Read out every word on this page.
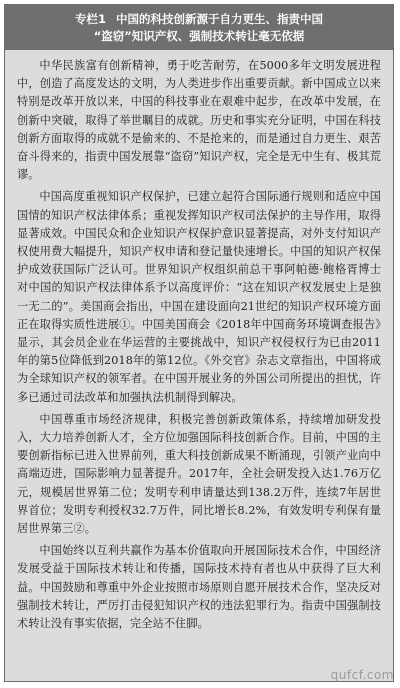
专栏1 中国的科技创新源于自力更生、指责中国
“盗窃”知识产权、强制技术转让毫无依据

中华民族富有创新精神，勇于吃苦耐劳，在5000多年文明发展进程中，创造了高度发达的文明，为人类进步作出重要贡献。新中国成立以来特别是改革开放以来，中国的科技事业在艰难中起步，在改革中发展，在创新中突破，取得了举世瞩目的成就。历史和事实充分证明，中国在科技创新方面取得的成就不是偷来的、不是抢来的，而是通过自力更生、艰苦奋斗得来的，指责中国发展靠“盗窃”知识产权，完全是无中生有、极其荒谬。

中国高度重视知识产权保护，已建立起符合国际通行规则和适应中国国情的知识产权法律体系；重视发挥知识产权司法保护的主导作用，取得显著成效。中国民众和企业知识产权保护意识显著提高，对外支付知识产权使用费大幅提升，知识产权申请和登记量快速增长。中国的知识产权保护成效获国际广泛认可。世界知识产权组织前总干事阿帕德·鲍格胥博士对中国的知识产权法律体系予以高度评价：“这在知识产权发展史上是独一无二的”。美国商会指出，中国在建设面向21世纪的知识产权环境方面正在取得实质性进展①。中国美国商会《2018年中国商务环境调查报告》显示，其会员企业在华运营的主要挑战中，知识产权侵权行为已由2011年的第5位降低到2018年的第12位。《外交官》杂志文章指出，中国将成为全球知识产权的领军者。在中国开展业务的外国公司所提出的担忧，许多已通过司法改革和加强执法机制得到解决。

中国尊重市场经济规律，积极完善创新政策体系，持续增加研发投入，大力培养创新人才，全方位加强国际科技创新合作。目前，中国的主要创新指标已进入世界前列，重大科技创新成果不断涌现，引领产业向中高端迈进，国际影响力显著提升。2017年，全社会研发投入达1.76万亿元，规模居世界第二位；发明专利申请量达到138.2万件，连续7年居世界首位；发明专利授权32.7万件，同比增长8.2%，有效发明专利保有量居世界第三②。

中国始终以互利共赢作为基本价值取向开展国际技术合作，中国经济发展受益于国际技术转让和传播，国际技术持有者也从中获得了巨大利益。中国鼓励和尊重中外企业按照市场原则自愿开展技术合作，坚决反对强制技术转让，严厉打击侵犯知识产权的违法犯罪行为。指责中国强制技术转让没有事实依据，完全站不住脚。

qufcf.com
